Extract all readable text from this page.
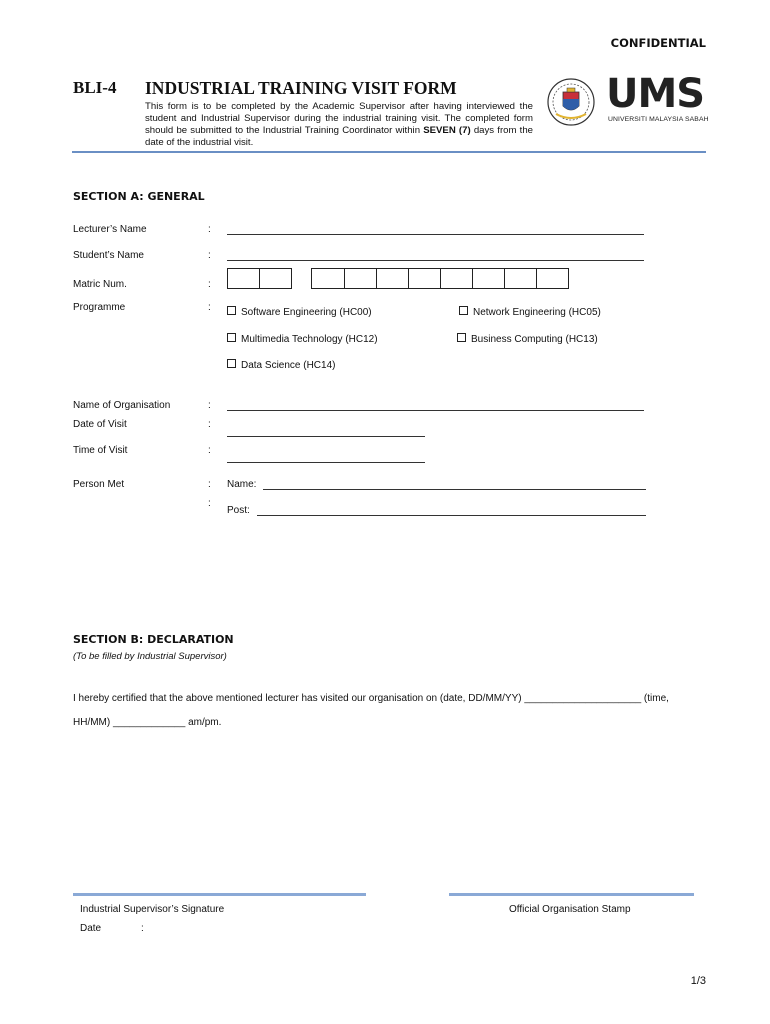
CONFIDENTIAL
BLI-4 INDUSTRIAL TRAINING VISIT FORM
This form is to be completed by the Academic Supervisor after having interviewed the student and Industrial Supervisor during the industrial training visit. The completed form should be submitted to the Industrial Training Coordinator within SEVEN (7) days from the date of the industrial visit.
UMS
UNIVERSITI MALAYSIA SABAH
SECTION A: GENERAL
Lecturer’s Name	:
Student’s Name	:
Matric Num.	:
Programme	:	Software Engineering (HC00)	Network Engineering (HC05)
Multimedia Technology (HC12)	Business Computing (HC13)
Data Science (HC14)
Name of Organisation	:
Date of Visit	:
Time of Visit	:
Person Met	: Name:
:
Post:
SECTION B: DECLARATION
(To be filled by Industrial Supervisor)
I hereby certified that the above mentioned lecturer has visited our organisation on (date, DD/MM/YY) _____________________ (time,
HH/MM) _____________ am/pm.
Industrial Supervisor’s Signature	Official Organisation Stamp
Date	:
1/3
